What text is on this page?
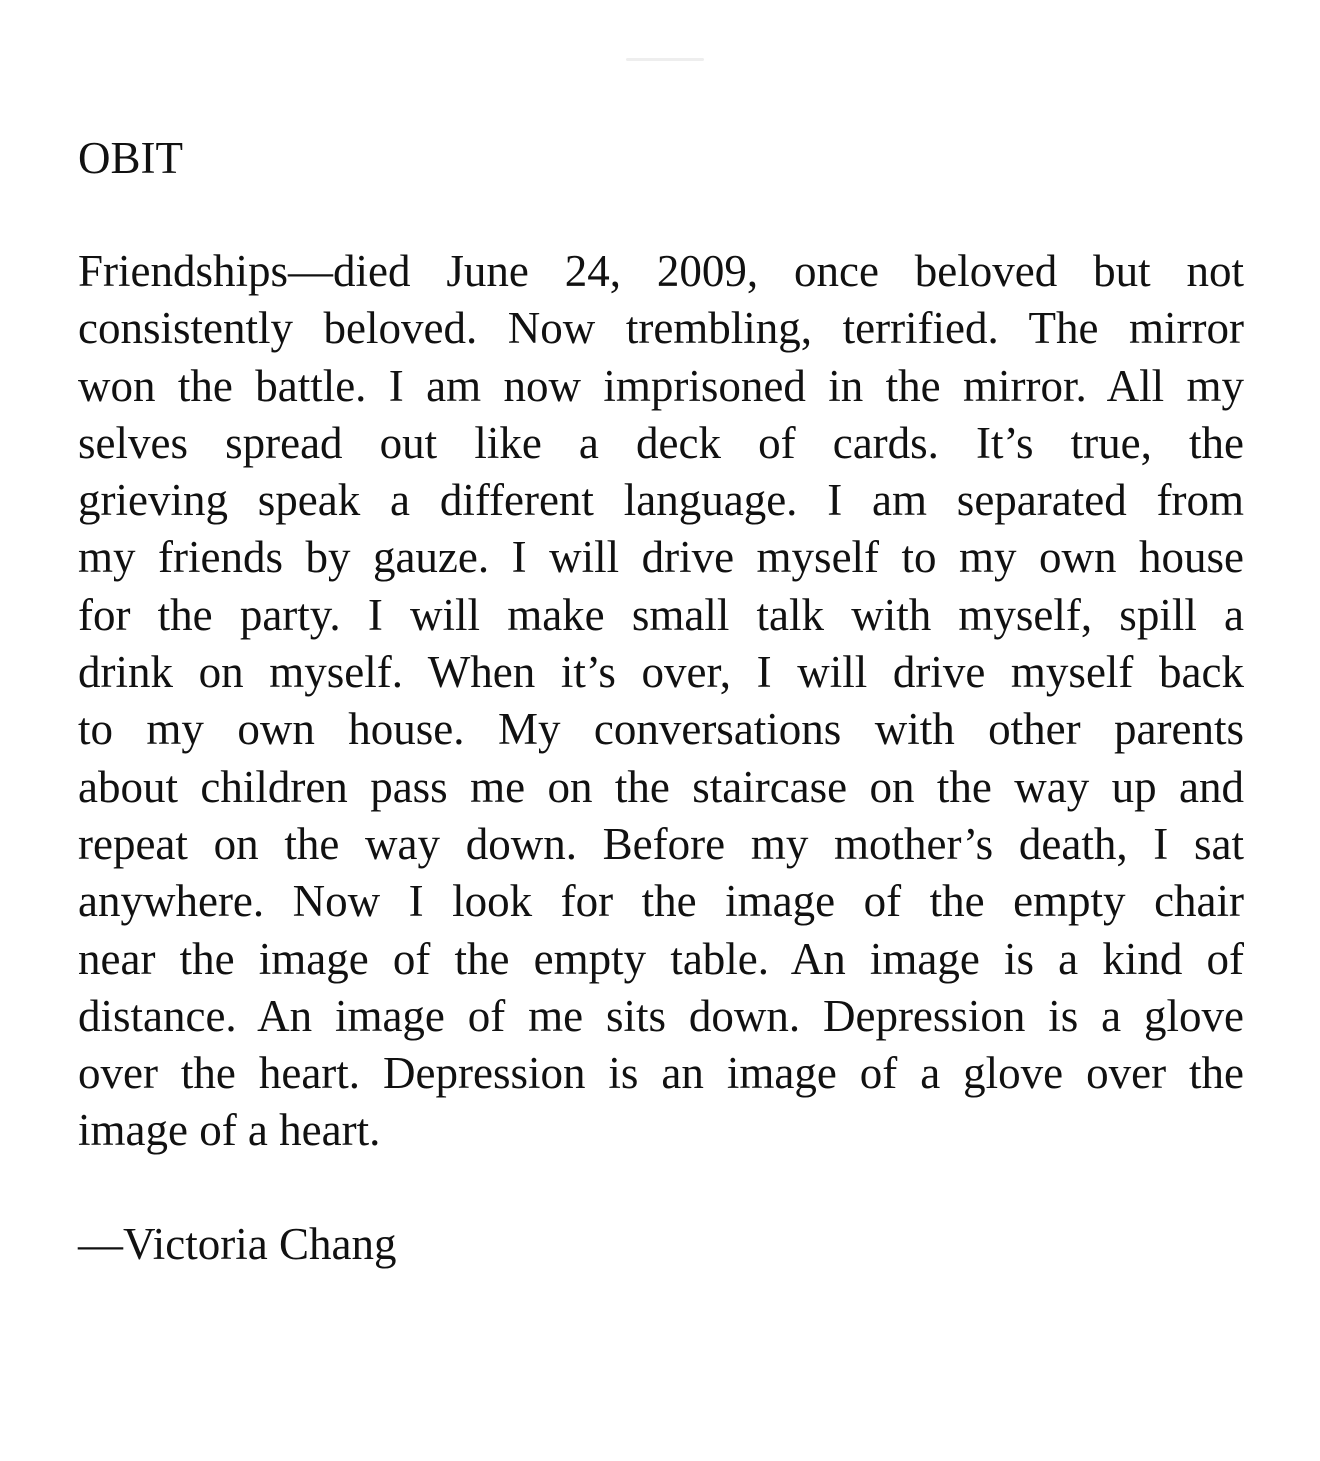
OBIT
Friendships—died June 24, 2009, once beloved but not
consistently beloved. Now trembling, terrified. The mirror
won the battle. I am now imprisoned in the mirror. All my
selves spread out like a deck of cards. It’s true, the
grieving speak a different language. I am separated from
my friends by gauze. I will drive myself to my own house
for the party. I will make small talk with myself, spill a
drink on myself. When it’s over, I will drive myself back
to my own house. My conversations with other parents
about children pass me on the staircase on the way up and
repeat on the way down. Before my mother’s death, I sat
anywhere. Now I look for the image of the empty chair
near the image of the empty table. An image is a kind of
distance. An image of me sits down. Depression is a glove
over the heart. Depression is an image of a glove over the
image of a heart.

—Victoria Chang
